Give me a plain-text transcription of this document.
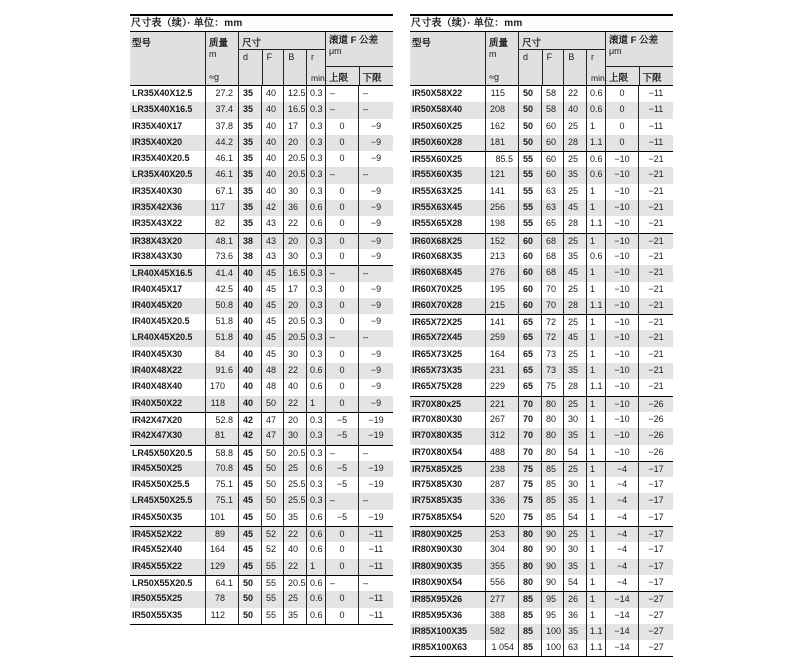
尺寸表（续）· 单位：mm
型号	质量
m
≈g
尺寸
d	F	B	r
min.
滚道 F 公差
μm
上限	下限
LR35X40X12.5	27.2	35	40	12.5 0.3 –	–
LR35X40X16.5	37.4	35	40	16.5 0.3 –	–
IR35X40X17	37.8	35	40	17	0.3	0	−9
IR35X40X20	44.2	35	40	20	0.3	0	−9
IR35X40X20.5	46.1	35	40	20.5 0.3	0	−9
LR35X40X20.5	46.1	35	40	20.5 0.3 –	–
IR35X40X30	67.1	35	40	30	0.3	0	−9
IR35X42X36	117	35	42	36	0.6	0	−9
IR35X43X22	82	35	43	22	0.6	0	−9
IR38X43X20	48.1	38	43	20	0.3	0	−9
IR38X43X30	73.6	38	43	30	0.3	0	−9
LR40X45X16.5	41.4	40	45	16.5 0.3 –	–
IR40X45X17	42.5	40	45	17	0.3	0	−9
IR40X45X20	50.8	40	45	20	0.3	0	−9
IR40X45X20.5	51.8	40	45	20.5 0.3	0	−9
LR40X45X20.5	51.8	40	45	20.5 0.3 –	–
IR40X45X30	84	40	45	30	0.3	0	−9
IR40X48X22	91.6	40	48	22	0.6	0	−9
IR40X48X40	170	40	48	40	0.6	0	−9
IR40X50X22	118	40	50	22	1	0	−9
IR42X47X20	52.8	42	47	20	0.3	−5	−19
IR42X47X30	81	42	47	30	0.3	−5	−19
LR45X50X20.5	58.8	45	50	20.5 0.3 –	–
IR45X50X25	70.8	45	50	25	0.6	−5	−19
IR45X50X25.5	75.1	45	50	25.5 0.3	−5	−19
LR45X50X25.5	75.1	45	50	25.5 0.3 –	–
IR45X50X35	101	45	50	35	0.6	−5	−19
IR45X52X22	89	45	52	22	0.6	0	−11
IR45X52X40	164	45	52	40	0.6	0	−11
IR45X55X22	129	45	55	22	1	0	−11
LR50X55X20.5	64.1	50	55	20.5 0.6 –	–
IR50X55X25	78	50	55	25	0.6	0	−11
IR50X55X35	112	50	55	35	0.6	0	−11
尺寸表（续）· 单位：mm
型号	质量
m
≈g
尺寸
d	F	B	r
min.
滚道 F 公差
μm
上限	下限
IR50X58X22	115	50	58	22	0.6	0	−11
IR50X58X40	208	50	58	40	0.6	0	−11
IR50X60X25	162	50	60	25	1	0	−11
IR50X60X28	181	50	60	28	1.1	0	−11
IR55X60X25	85.5	55	60	25	0.6	−10	−21
IR55X60X35	121	55	60	35	0.6	−10	−21
IR55X63X25	141	55	63	25	1	−10	−21
IR55X63X45	256	55	63	45	1	−10	−21
IR55X65X28	198	55	65	28	1.1	−10	−21
IR60X68X25	152	60	68	25	1	−10	−21
IR60X68X35	213	60	68	35	0.6	−10	−21
IR60X68X45	276	60	68	45	1	−10	−21
IR60X70X25	195	60	70	25	1	−10	−21
IR60X70X28	215	60	70	28	1.1	−10	−21
IR65X72X25	141	65	72	25	1	−10	−21
IR65X72X45	259	65	72	45	1	−10	−21
IR65X73X25	164	65	73	25	1	−10	−21
IR65X73X35	231	65	73	35	1	−10	−21
IR65X75X28	229	65	75	28	1.1	−10	−21
IR70X80x25	221	70	80	25	1	−10	−26
IR70X80X30	267	70	80	30	1	−10	−26
IR70X80X35	312	70	80	35	1	−10	−26
IR70X80X54	488	70	80	54	1	−10	−26
IR75X85X25	238	75	85	25	1	−4	−17
IR75X85X30	287	75	85	30	1	−4	−17
IR75X85X35	336	75	85	35	1	−4	−17
IR75X85X54	520	75	85	54	1	−4	−17
IR80X90X25	253	80	90	25	1	−4	−17
IR80X90X30	304	80	90	30	1	−4	−17
IR80X90X35	355	80	90	35	1	−4	−17
IR80X90X54	556	80	90	54	1	−4	−17
IR85X95X26	277	85	95	26	1	−14	−27
IR85X95X36	388	85	95	36	1	−14	−27
IR85X100X35	582	85	100 35	1.1	−14	−27
IR85X100X63	1 054	85	100 63	1.1	−14	−27
